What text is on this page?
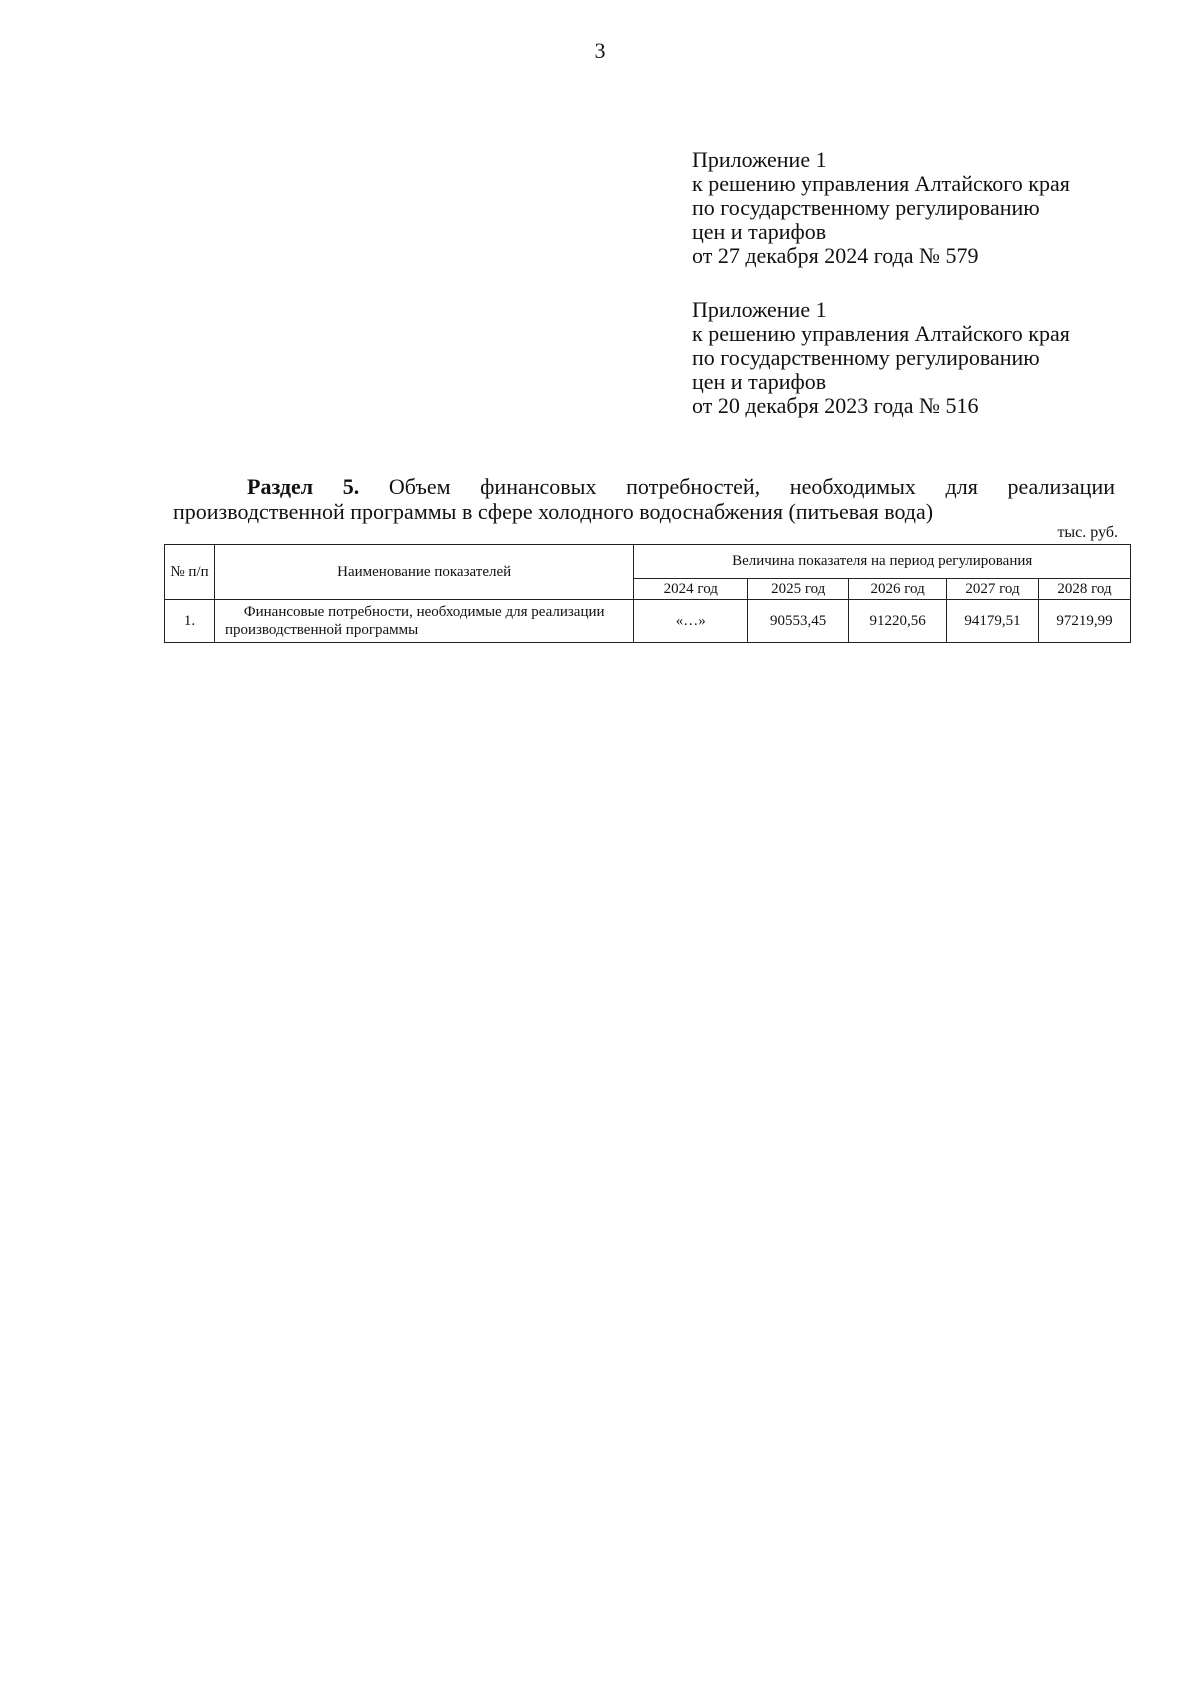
3
Приложение 1
к решению управления Алтайского края
по государственному регулированию
цен и тарифов
от 27 декабря 2024 года № 579
Приложение 1
к решению управления Алтайского края
по государственному регулированию
цен и тарифов
от 20 декабря 2023 года № 516
Раздел 5. Объем финансовых потребностей, необходимых для реализации
производственной программы в сфере холодного водоснабжения (питьевая вода)
тыс. руб.
№ п/п	Наименование показателей	Величина показателя на период регулирования				
		2024 год	2025 год	2026 год	2027 год	2028 год
1.	Финансовые потребности, необходимые для реализации производственной программы	«…»	90553,45	91220,56	94179,51	97219,99
